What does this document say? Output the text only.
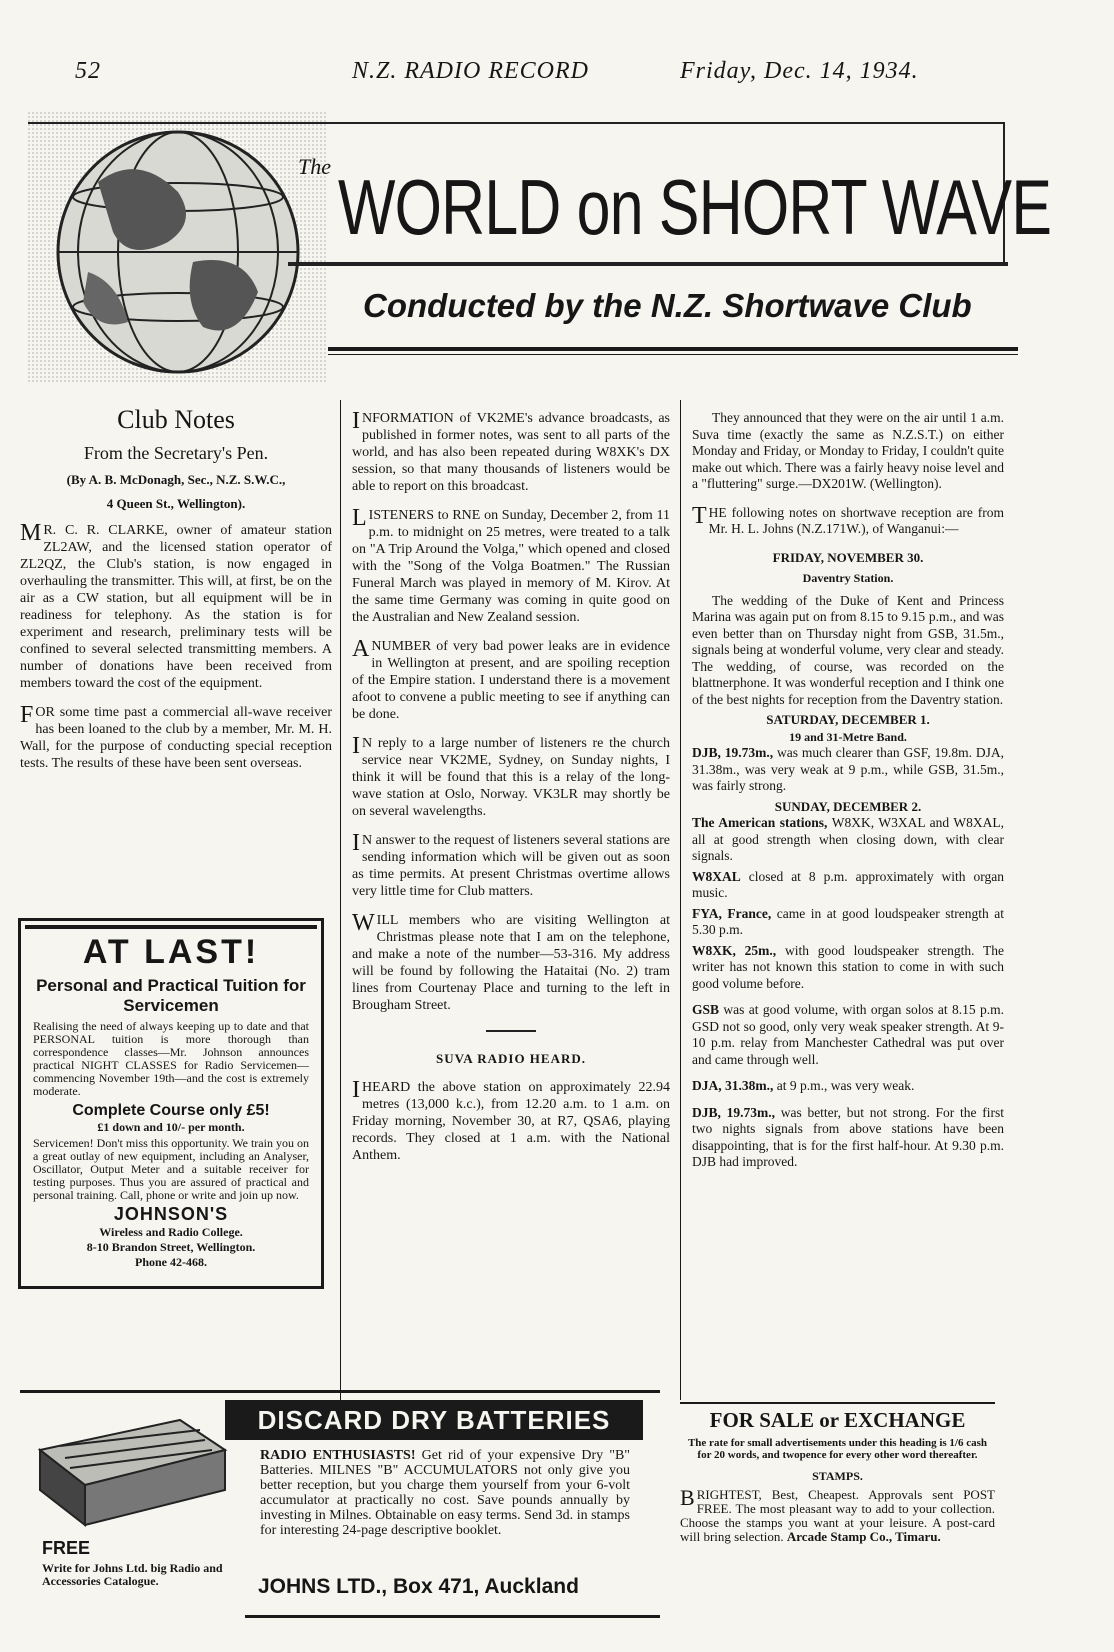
52	N.Z. RADIO RECORD	Friday, Dec. 14, 1934.
The WORLD on SHORT WAVE
Conducted by the N.Z. Shortwave Club
Club Notes
From the Secretary's Pen.
(By A. B. McDonagh, Sec., N.Z. S.W.C.,
4 Queen St., Wellington).

M R. C. R. CLARKE, owner of amateur station ZL2AW, and the licensed station operator of ZL2QZ, the Club's station, is now engaged in overhauling the transmitter. This will, at first, be on the air as a CW station, but all equipment will be in readiness for telephony. As the station is for experiment and research, preliminary tests will be confined to several selected transmitting members. A number of donations have been received from members toward the cost of the equipment.

FOR some time past a commercial all-wave receiver has been loaned to the club by a member, Mr. M. H. Wall, for the purpose of conducting special reception tests. The results of these have been sent overseas.

AT LAST!
Personal and Practical Tuition for Servicemen
Realising the need of always keeping up to date and that PERSONAL tuition is more thorough than correspondence classes—Mr. Johnson announces practical NIGHT CLASSES for Radio Servicemen—commencing November 19th—and the cost is extremely moderate.
Complete Course only £5!
£1 down and 10/- per month.
Servicemen! Don't miss this opportunity. We train you on a great outlay of new equipment, including an Analyser, Oscillator, Output Meter and a suitable receiver for testing purposes. Thus you are assured of practical and personal training. Call, phone or write and join up now.
JOHNSON'S
Wireless and Radio College.
8-10 Brandon Street, Wellington.
Phone 42-468.

INFORMATION of VK2ME's advance broadcasts, as published in former notes, was sent to all parts of the world, and has also been repeated during W8XK's DX session, so that many thousands of listeners would be able to report on this broadcast.

LISTENERS to RNE on Sunday, December 2, from 11 p.m. to midnight on 25 metres, were treated to a talk on "A Trip Around the Volga," which opened and closed with the "Song of the Volga Boatmen." The Russian Funeral March was played in memory of M. Kirov. At the same time Germany was coming in quite good on the Australian and New Zealand session.

ANUMBER of very bad power leaks are in evidence in Wellington at present, and are spoiling reception of the Empire station. I understand there is a movement afoot to convene a public meeting to see if anything can be done.

I N reply to a large number of listeners re the church service near VK2ME, Sydney, on Sunday nights, I think it will be found that this is a relay of the long-wave station at Oslo, Norway. VK3LR may shortly be on several wavelengths.

I N answer to the request of listeners several stations are sending information which will be given out as soon as time permits. At present Christmas overtime allows very little time for Club matters.

WILL members who are visiting Wellington at Christmas please note that I am on the telephone, and make a note of the number—53-316. My address will be found by following the Hataitai (No. 2) tram lines from Courtenay Place and turning to the left in Brougham Street.

SUVA RADIO HEARD.

IHEARD the above station on approximately 22.94 metres (13,000 k.c.), from 12.20 a.m. to 1 a.m. on Friday morning, November 30, at R7, QSA6, playing records. They closed at 1 a.m. with the National Anthem.

They announced that they were on the air until 1 a.m. Suva time (exactly the same as N.Z.S.T.) on either Monday and Friday, or Monday to Friday, I couldn't quite make out which. There was a fairly heavy noise level and a "fluttering" surge.—DX201W. (Wellington).

THE following notes on shortwave reception are from Mr. H. L. Johns (N.Z.171W.), of Wanganui:—

FRIDAY, NOVEMBER 30.
Daventry Station.

The wedding of the Duke of Kent and Princess Marina was again put on from 8.15 to 9.15 p.m., and was even better than on Thursday night from GSB, 31.5m., signals being at wonderful volume, very clear and steady. The wedding, of course, was recorded on the blattnerphone. It was wonderful reception and I think one of the best nights for reception from the Daventry station.

SATURDAY, DECEMBER 1.
19 and 31-Metre Band.

DJB, 19.73m., was much clearer than GSF, 19.8m. DJA, 31.38m., was very weak at 9 p.m., while GSB, 31.5m., was fairly strong.

SUNDAY, DECEMBER 2.

The American stations, W8XK, W3XAL and W8XAL, all at good strength when closing down, with clear signals.

W8XAL closed at 8 p.m. approximately with organ music.

FYA, France, came in at good loudspeaker strength at 5.30 p.m.

W8XK, 25m., with good loudspeaker strength. The writer has not known this station to come in with such good volume before.

GSB was at good volume, with organ solos at 8.15 p.m. GSD not so good, only very weak speaker strength. At 9-10 p.m. relay from Manchester Cathedral was put over and came through well.

DJA, 31.38m., at 9 p.m., was very weak.

DJB, 19.73m., was better, but not strong. For the first two nights signals from above stations have been disappointing, that is for the first half-hour. At 9.30 p.m. DJB had improved.

DISCARD DRY BATTERIES
RADIO ENTHUSIASTS! Get rid of your expensive Dry "B" Batteries. MILNES "B" ACCUMULATORS not only give you better reception, but you charge them yourself from your 6-volt accumulator at practically no cost. Save pounds annually by investing in Milnes. Obtainable on easy terms. Send 3d. in stamps for interesting 24-page descriptive booklet.
FREE
Write for Johns Ltd. big Radio and Accessories Catalogue.	JOHNS LTD., Box 471, Auckland
FOR SALE or EXCHANGE
The rate for small advertisements under this heading is 1/6 cash for 20 words, and twopence for every other word thereafter.
STAMPS.
BRIGHTEST, Best, Cheapest. Approvals sent POST FREE. The most pleasant way to add to your collection. Choose the stamps you want at your leisure. A post-card will bring selection. Arcade Stamp Co., Timaru.
